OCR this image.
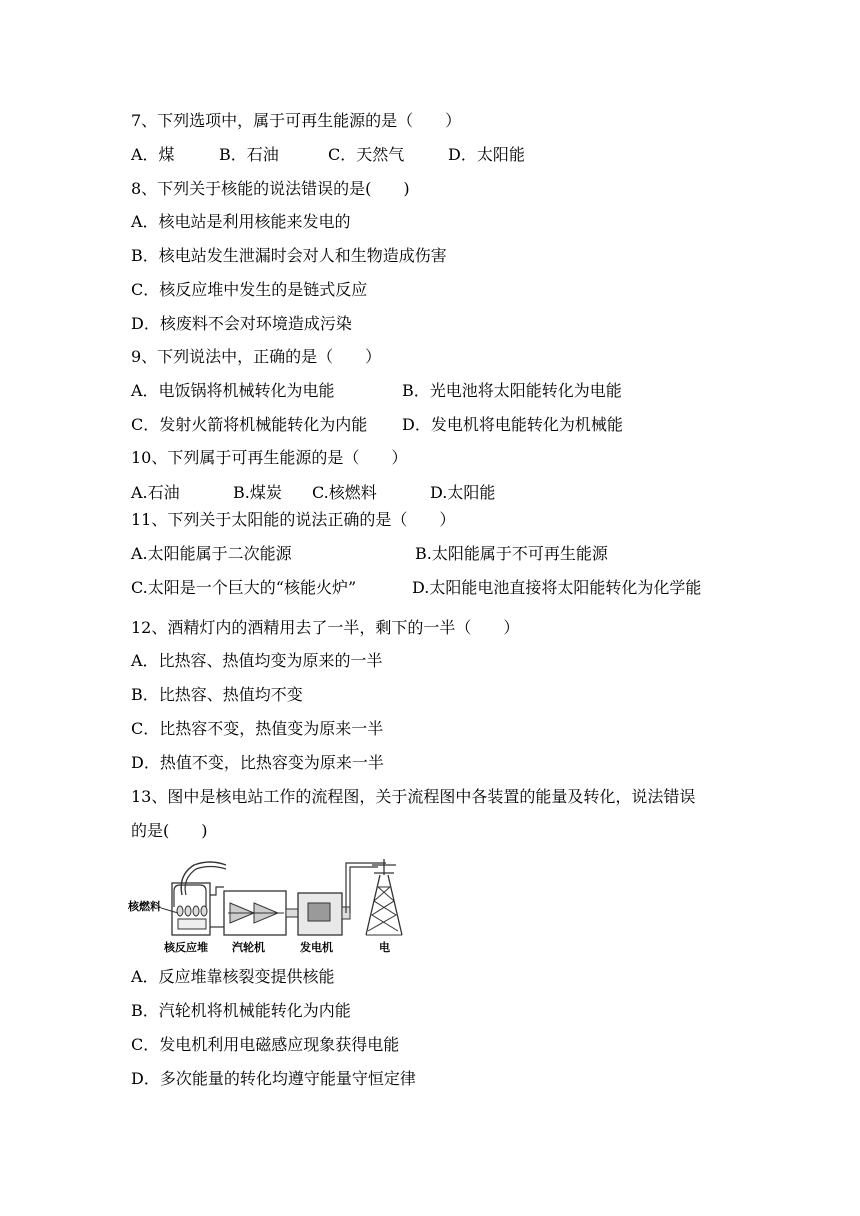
7、下列选项中，属于可再生能源的是（　　）
A．煤	B．石油	C．天然气	D．太阳能
8、下列关于核能的说法错误的是(　　)
A．核电站是利用核能来发电的
B．核电站发生泄漏时会对人和生物造成伤害
C．核反应堆中发生的是链式反应
D．核废料不会对环境造成污染
9、下列说法中，正确的是（　　）
A．电饭锅将机械转化为电能	B．光电池将太阳能转化为电能
C．发射火箭将机械能转化为内能 D．发电机将电能转化为机械能
10、下列属于可再生能源的是（　　）
A.石油	B.煤炭 C.核燃料	D.太阳能
11、下列关于太阳能的说法正确的是（　　）
A.太阳能属于二次能源	B.太阳能属于不可再生能源
C.太阳是一个巨大的“核能火炉”	D.太阳能电池直接将太阳能转化为化学能
12、酒精灯内的酒精用去了一半，剩下的一半（　　）
A．比热容、热值均变为原来的一半
B．比热容、热值均不变
C．比热容不变，热值变为原来一半
D．热值不变，比热容变为原来一半
13、图中是核电站工作的流程图，关于流程图中各装置的能量及转化，说法错误
的是(　　)
核燃料
核反应堆 汽轮机	发电机	电
A．反应堆靠核裂变提供核能
B．汽轮机将机械能转化为内能
C．发电机利用电磁感应现象获得电能
D．多次能量的转化均遵守能量守恒定律
